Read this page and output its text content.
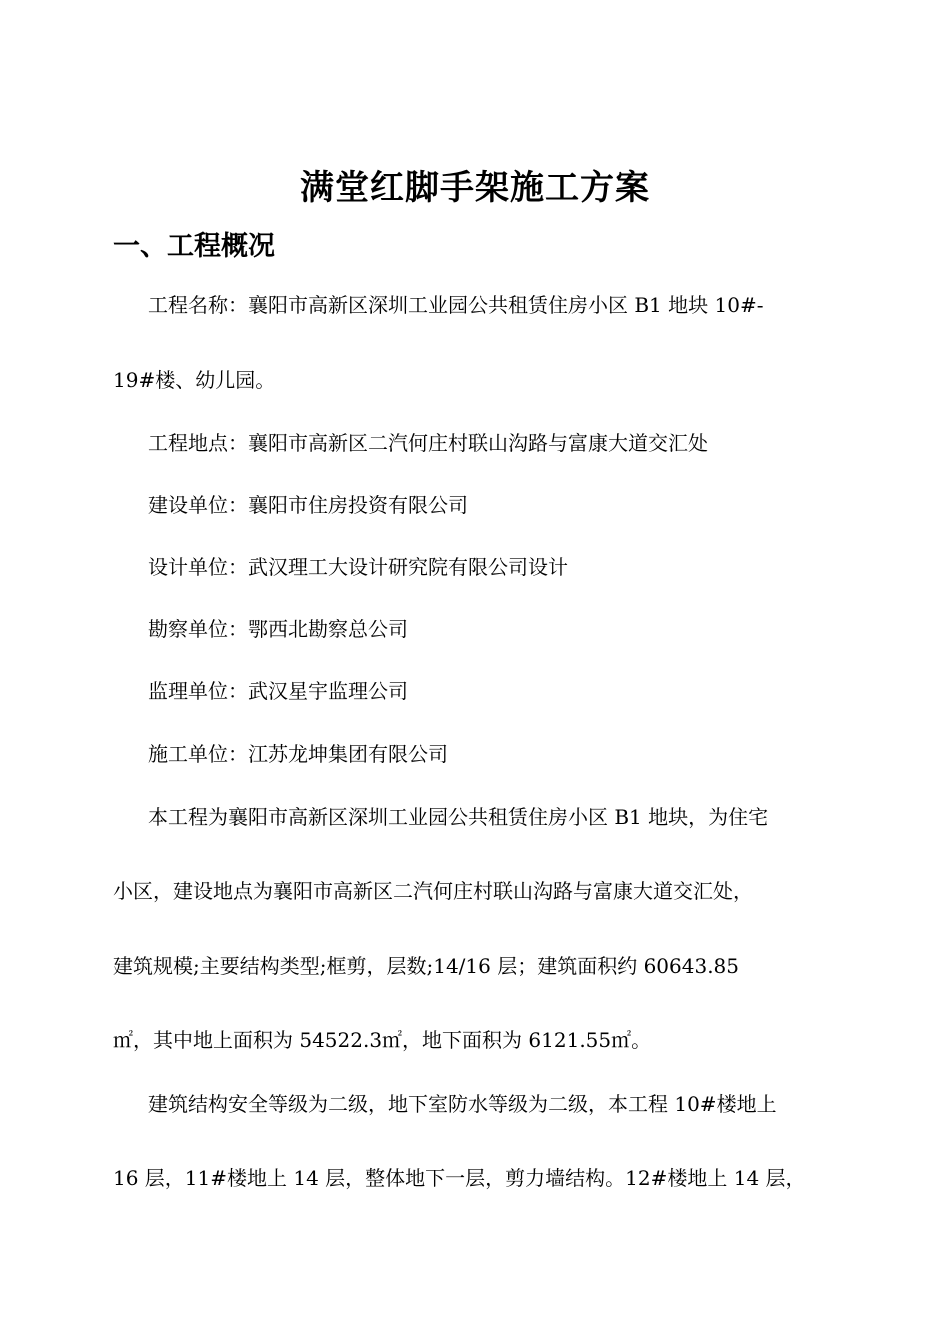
满堂红脚手架施工方案
一、工程概况
工程名称：襄阳市高新区深圳工业园公共租赁住房小区 B1 地块 10#-
19#楼、幼儿园。
工程地点：襄阳市高新区二汽何庄村联山沟路与富康大道交汇处
建设单位：襄阳市住房投资有限公司
设计单位：武汉理工大设计研究院有限公司设计
勘察单位：鄂西北勘察总公司
监理单位：武汉星宇监理公司
施工单位：江苏龙坤集团有限公司
本工程为襄阳市高新区深圳工业园公共租赁住房小区 B1 地块，为住宅
小区，建设地点为襄阳市高新区二汽何庄村联山沟路与富康大道交汇处，
建筑规模;主要结构类型;框剪，层数;14/16 层；建筑面积约 60643.85
㎡，其中地上面积为 54522.3㎡，地下面积为 6121.55㎡。
建筑结构安全等级为二级，地下室防水等级为二级，本工程 10#楼地上
16 层，11#楼地上 14 层，整体地下一层，剪力墙结构。12#楼地上 14 层，
